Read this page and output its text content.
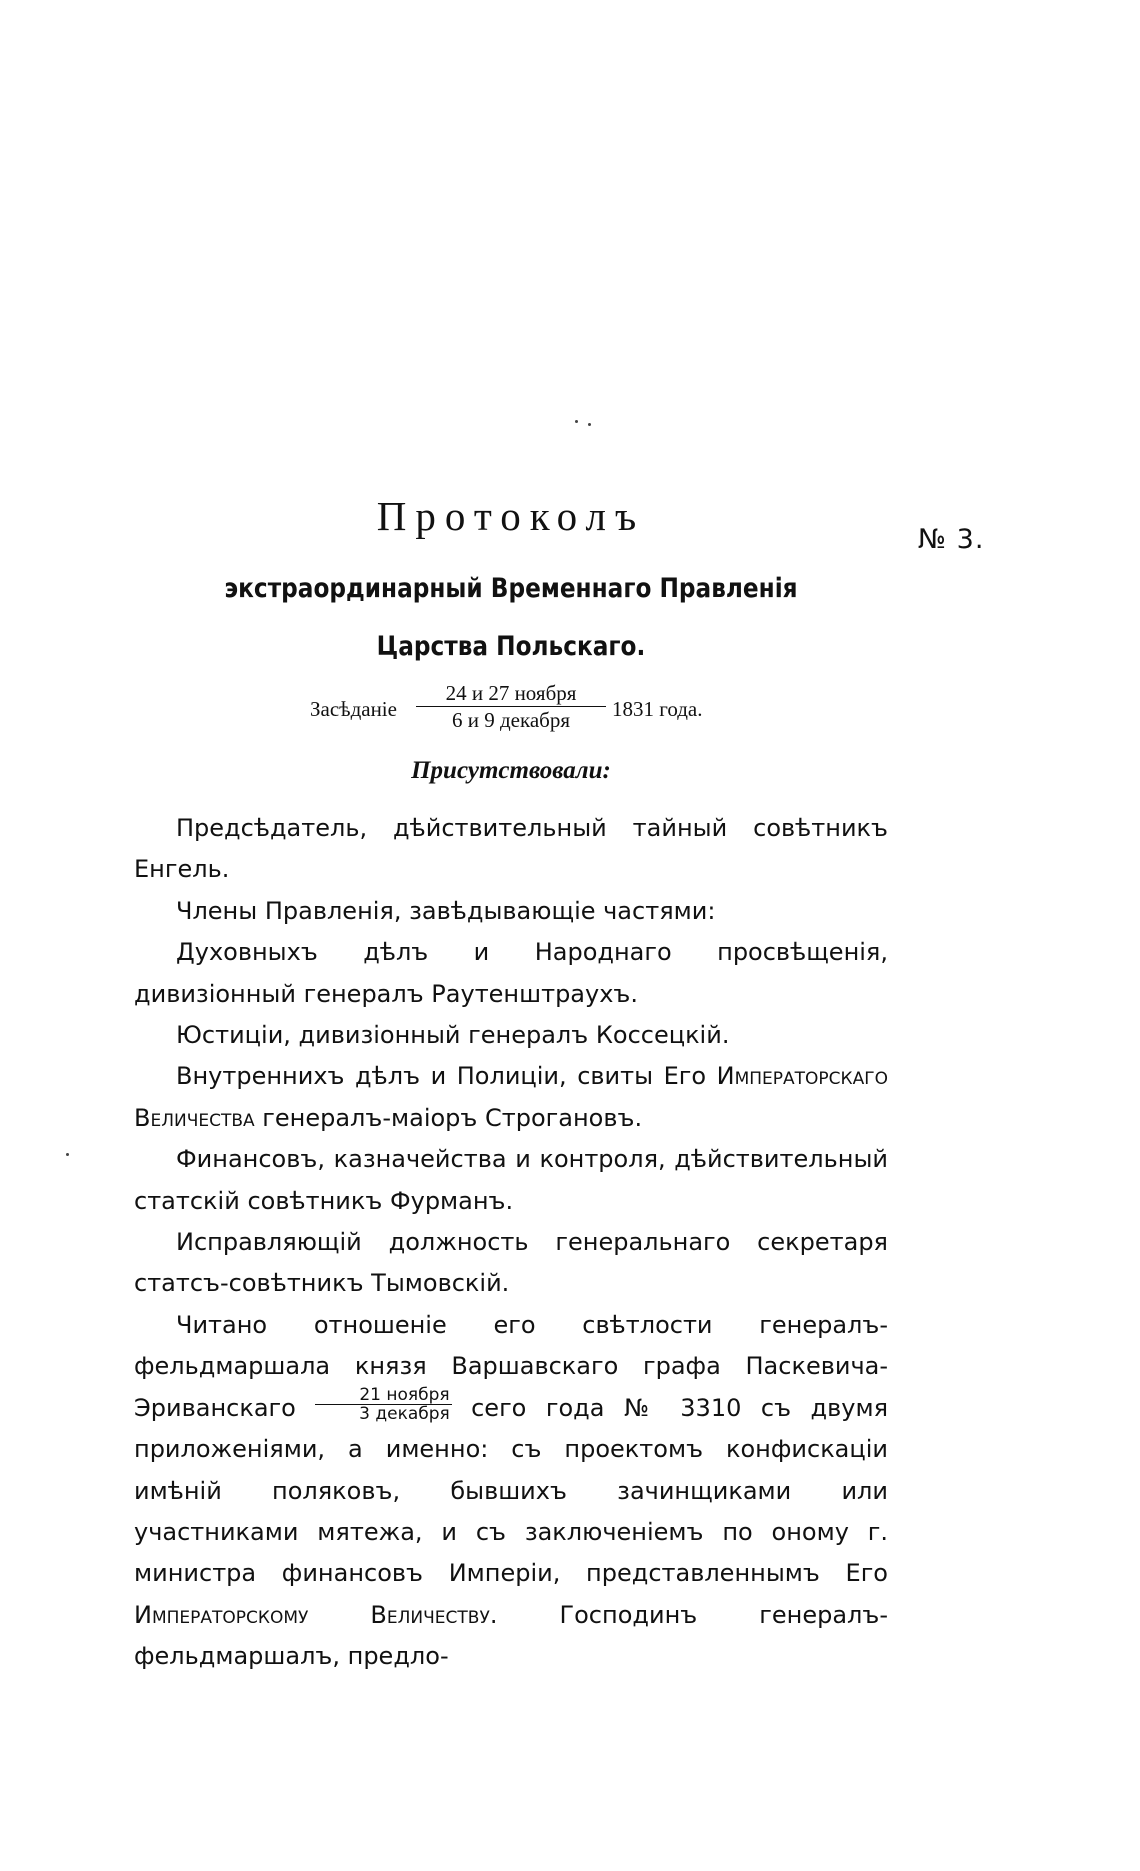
№ 3.
Протоколъ
экстраординарный Временнаго Правленія Царства Польскаго.
Засѣданіе
24 и 27 ноября
6 и 9 декабря	1831 года.
Присутствовали:

Предсѣдатель, дѣйствительный тайный совѣтникъ Енгель.

Члены Правленія, завѣдывающіе частями:

Духовныхъ дѣлъ и Народнаго просвѣщенія, дивизіонный генералъ Раутенштраухъ.

Юстиціи, дивизіонный генералъ Коссецкій.

Внутреннихъ дѣлъ и Полиціи, свиты Его Императорскаго Величества генералъ-маіоръ Строгановъ.

Финансовъ, казначейства и контроля, дѣйствительный статскій совѣтникъ Фурманъ.

Исправляющій должность генеральнаго секретаря статсъ-совѣтникъ Тымовскій.

Читано отношеніе его свѣтлости генералъ-фельдмаршала князя Варшавскаго графа Паскевича-Эриванскаго $\frac{\text{21 ноября}}{\text{3 декабря}}$ сего года № 3310 съ двумя приложеніями, а именно: съ проектомъ конфискаціи имѣній поляковъ, бывшихъ зачинщиками или участниками мятежа, и съ заключеніемъ по оному г. министра финансовъ Имперіи, представленнымъ Его Императорскому Величеству. Господинъ генералъ-фельдмаршалъ, предло-
